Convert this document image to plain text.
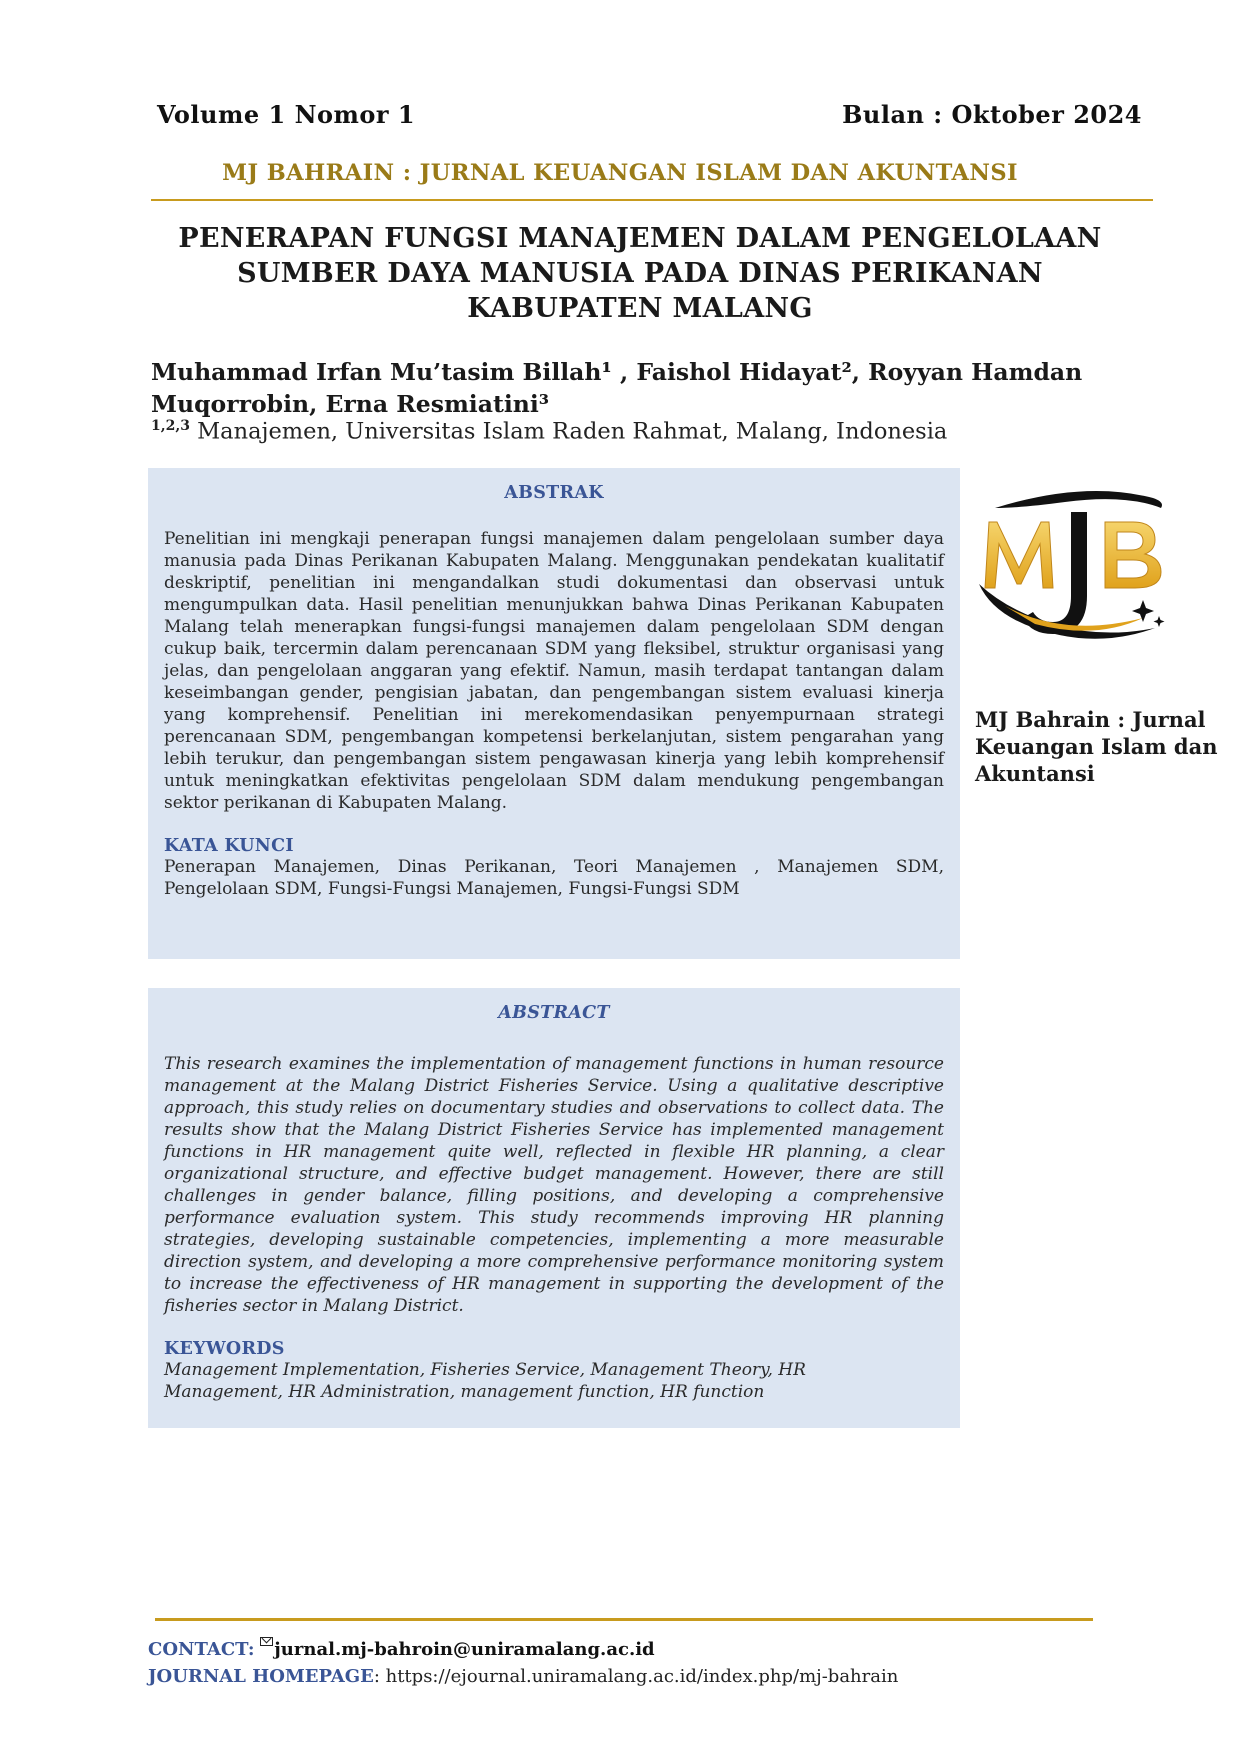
Volume 1 Nomor 1	Bulan : Oktober 2024
MJ BAHRAIN : JURNAL KEUANGAN ISLAM DAN AKUNTANSI
PENERAPAN FUNGSI MANAJEMEN DALAM PENGELOLAAN
SUMBER DAYA MANUSIA PADA DINAS PERIKANAN
KABUPATEN MALANG
Muhammad Irfan Mu’tasim Billah¹ , Faishol Hidayat², Royyan Hamdan
Muqorrobin, Erna Resmiatini³
$^{1,2,3}$ Manajemen, Universitas Islam Raden Rahmat, Malang, Indonesia
ABSTRAK
Penelitian ini mengkaji penerapan fungsi manajemen dalam pengelolaan sumber daya manusia pada Dinas Perikanan Kabupaten Malang. Menggunakan pendekatan kualitatif deskriptif, penelitian ini mengandalkan studi dokumentasi dan observasi untuk mengumpulkan data. Hasil penelitian menunjukkan bahwa Dinas Perikanan Kabupaten Malang telah menerapkan fungsi-fungsi manajemen dalam pengelolaan SDM dengan cukup baik, tercermin dalam perencanaan SDM yang fleksibel, struktur organisasi yang jelas, dan pengelolaan anggaran yang efektif. Namun, masih terdapat tantangan dalam keseimbangan gender, pengisian jabatan, dan pengembangan sistem evaluasi kinerja yang komprehensif. Penelitian ini merekomendasikan penyempurnaan strategi perencanaan SDM, pengembangan kompetensi berkelanjutan, sistem pengarahan yang lebih terukur, dan pengembangan sistem pengawasan kinerja yang lebih komprehensif untuk meningkatkan efektivitas pengelolaan SDM dalam mendukung pengembangan sektor perikanan di Kabupaten Malang.
KATA KUNCI
Penerapan Manajemen, Dinas Perikanan, Teori Manajemen , Manajemen SDM, Pengelolaan SDM, Fungsi-Fungsi Manajemen, Fungsi-Fungsi SDM
ABSTRACT
This research examines the implementation of management functions in human resource management at the Malang District Fisheries Service. Using a qualitative descriptive approach, this study relies on documentary studies and observations to collect data. The results show that the Malang District Fisheries Service has implemented management functions in HR management quite well, reflected in flexible HR planning, a clear organizational structure, and effective budget management. However, there are still challenges in gender balance, filling positions, and developing a comprehensive performance evaluation system. This study recommends improving HR planning strategies, developing sustainable competencies, implementing a more measurable direction system, and developing a more comprehensive performance monitoring system to increase the effectiveness of HR management in supporting the development of the fisheries sector in Malang District.
KEYWORDS
Management Implementation, Fisheries Service, Management Theory, HR
Management, HR Administration, management function, HR function
MJ Bahrain : Jurnal Keuangan Islam dan Akuntansi
CONTACT: jurnal.mj-bahroin@uniramalang.ac.id
JOURNAL HOMEPAGE: https://ejournal.uniramalang.ac.id/index.php/mj-bahrain
